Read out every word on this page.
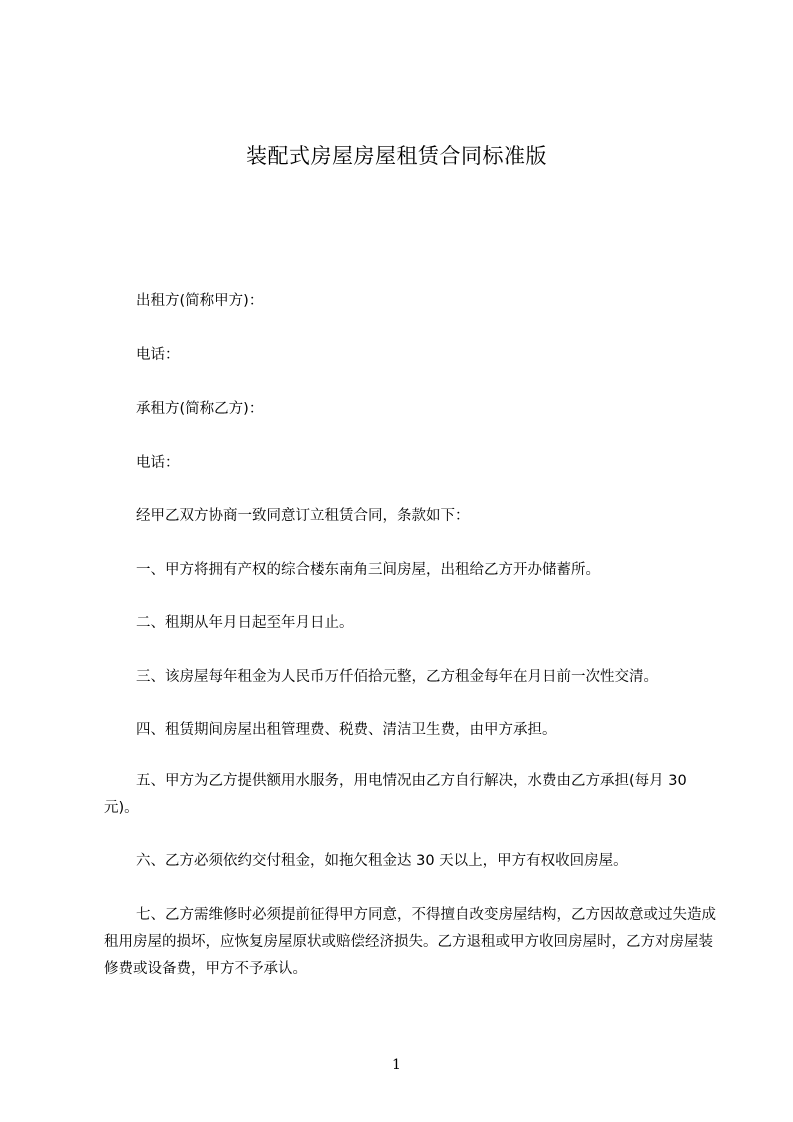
装配式房屋房屋租赁合同标准版
出租方(简称甲方)：
电话：
承租方(简称乙方)：
电话：
经甲乙双方协商一致同意订立租赁合同，条款如下：
一、甲方将拥有产权的综合楼东南角三间房屋，出租给乙方开办储蓄所。
二、租期从年月日起至年月日止。
三、该房屋每年租金为人民币万仟佰拾元整，乙方租金每年在月日前一次性交清。
四、租赁期间房屋出租管理费、税费、清洁卫生费，由甲方承担。
五、甲方为乙方提供额用水服务，用电情况由乙方自行解决，水费由乙方承担(每月 30 元)。
六、乙方必须依约交付租金，如拖欠租金达 30 天以上，甲方有权收回房屋。
七、乙方需维修时必须提前征得甲方同意，不得擅自改变房屋结构，乙方因故意或过失造成租用房屋的损坏，应恢复房屋原状或赔偿经济损失。乙方退租或甲方收回房屋时，乙方对房屋装修费或设备费，甲方不予承认。
1
